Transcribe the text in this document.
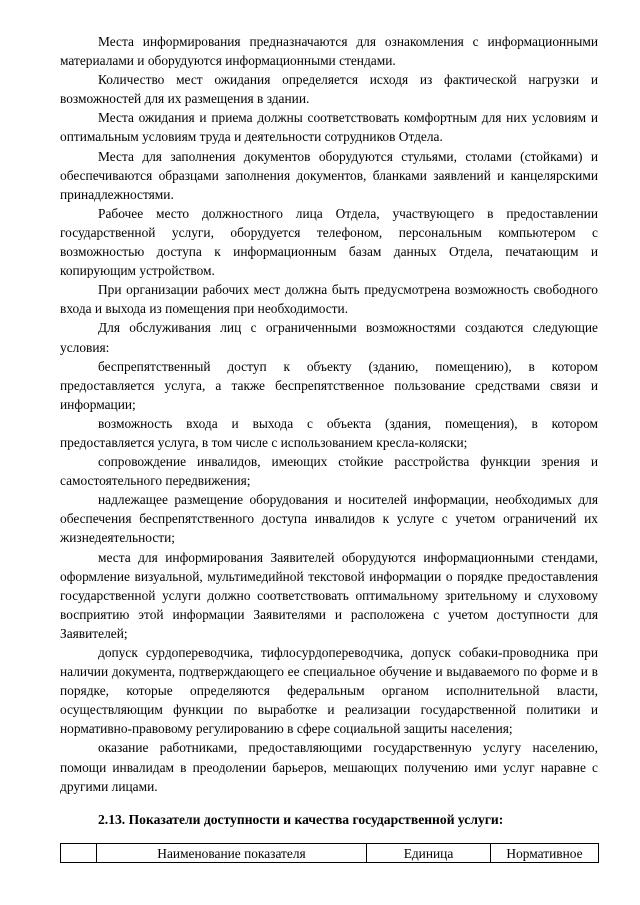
Места информирования предназначаются для ознакомления с информационными материалами и оборудуются информационными стендами.

Количество мест ожидания определяется исходя из фактической нагрузки и возможностей для их размещения в здании.

Места ожидания и приема должны соответствовать комфортным для них условиям и оптимальным условиям труда и деятельности сотрудников Отдела.

Места для заполнения документов оборудуются стульями, столами (стойками) и обеспечиваются образцами заполнения документов, бланками заявлений и канцелярскими принадлежностями.

Рабочее место должностного лица Отдела, участвующего в предоставлении государственной услуги, оборудуется телефоном, персональным компьютером с возможностью доступа к информационным базам данных Отдела, печатающим и копирующим устройством.

При организации рабочих мест должна быть предусмотрена возможность свободного входа и выхода из помещения при необходимости.

Для обслуживания лиц с ограниченными возможностями создаются следующие условия:

беспрепятственный доступ к объекту (зданию, помещению), в котором предоставляется услуга, а также беспрепятственное пользование средствами связи и информации;

возможность входа и выхода с объекта (здания, помещения), в котором предоставляется услуга, в том числе с использованием кресла-коляски;

сопровождение инвалидов, имеющих стойкие расстройства функции зрения и самостоятельного передвижения;

надлежащее размещение оборудования и носителей информации, необходимых для обеспечения беспрепятственного доступа инвалидов к услуге с учетом ограничений их жизнедеятельности;

места для информирования Заявителей оборудуются информационными стендами, оформление визуальной, мультимедийной текстовой информации о порядке предоставления государственной услуги должно соответствовать оптимальному зрительному и слуховому восприятию этой информации Заявителями и расположена с учетом доступности для Заявителей;

допуск сурдопереводчика, тифлосурдопереводчика, допуск собаки-проводника при наличии документа, подтверждающего ее специальное обучение и выдаваемого по форме и в порядке, которые определяются федеральным органом исполнительной власти, осуществляющим функции по выработке и реализации государственной политики и нормативно-правовому регулированию в сфере социальной защиты населения;

оказание работниками, предоставляющими государственную услугу населению, помощи инвалидам в преодолении барьеров, мешающих получению ими услуг наравне с другими лицами.

2.13. Показатели доступности и качества государственной услуги:

	Наименование показателя	Единица	Нормативное
